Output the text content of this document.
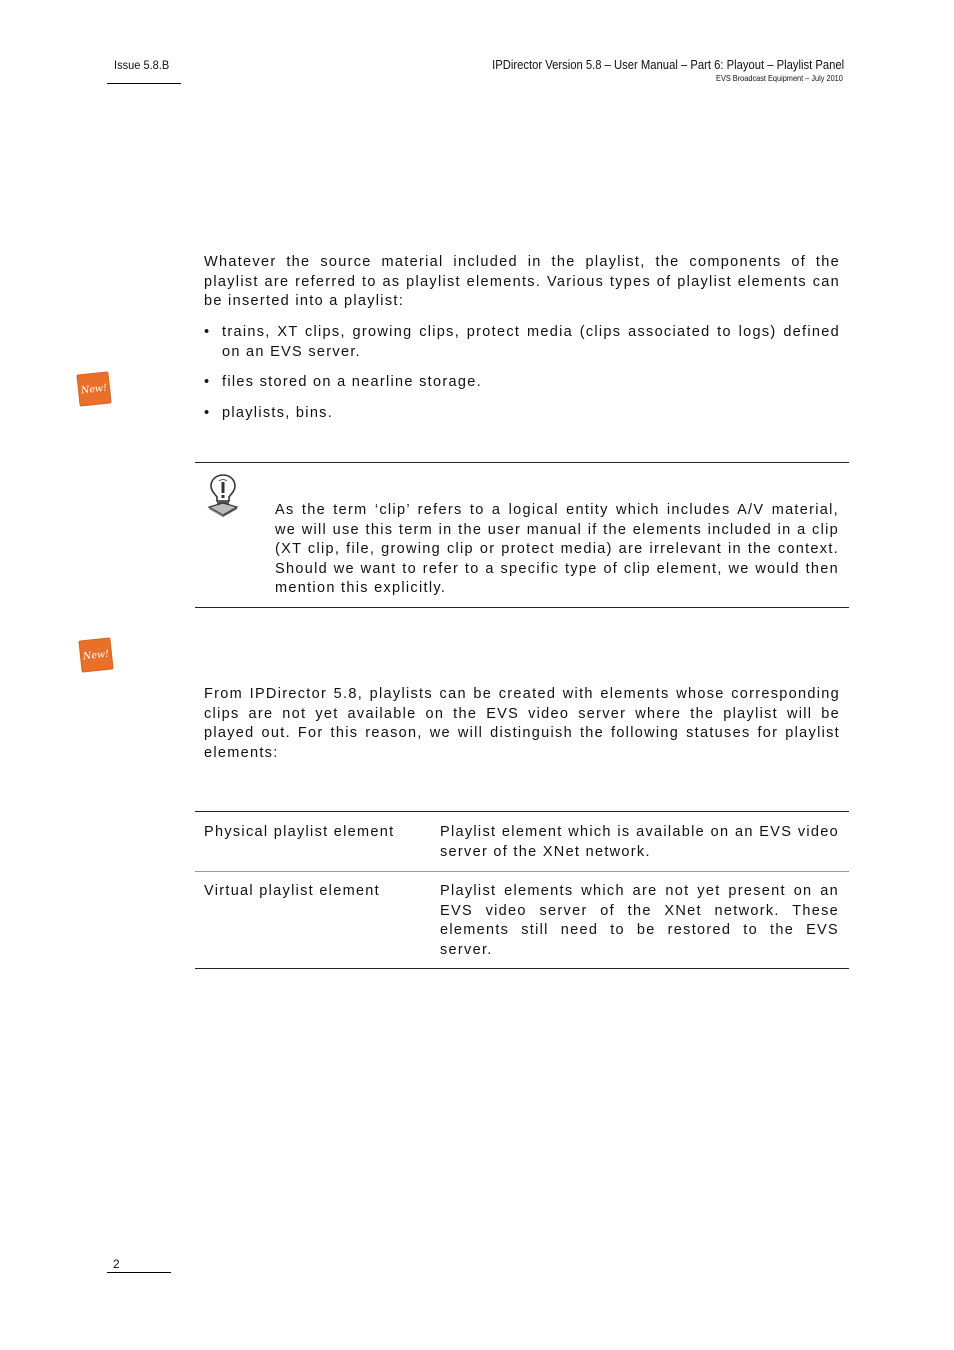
Issue 5.8.B	IPDirector Version 5.8 – User Manual – Part 6: Playout – Playlist Panel
EVS Broadcast Equipment – July 2010
Whatever the source material included in the playlist, the components of the playlist are referred to as playlist elements. Various types of playlist elements can be inserted into a playlist:
• trains, XT clips, growing clips, protect media (clips associated to logs) defined on an EVS server.
• files stored on a nearline storage.
• playlists, bins.
New!
As the term ‘clip’ refers to a logical entity which includes A/V material, we will use this term in the user manual if the elements included in a clip (XT clip, file, growing clip or protect media) are irrelevant in the context. Should we want to refer to a specific type of clip element, we would then mention this explicitly.
New!
From IPDirector 5.8, playlists can be created with elements whose corresponding clips are not yet available on the EVS video server where the playlist will be played out. For this reason, we will distinguish the following statuses for playlist elements:
Physical playlist element	Playlist element which is available on an EVS video server of the XNet network.
Virtual playlist element	Playlist elements which are not yet present on an EVS video server of the XNet network. These elements still need to be restored to the EVS server.
2
